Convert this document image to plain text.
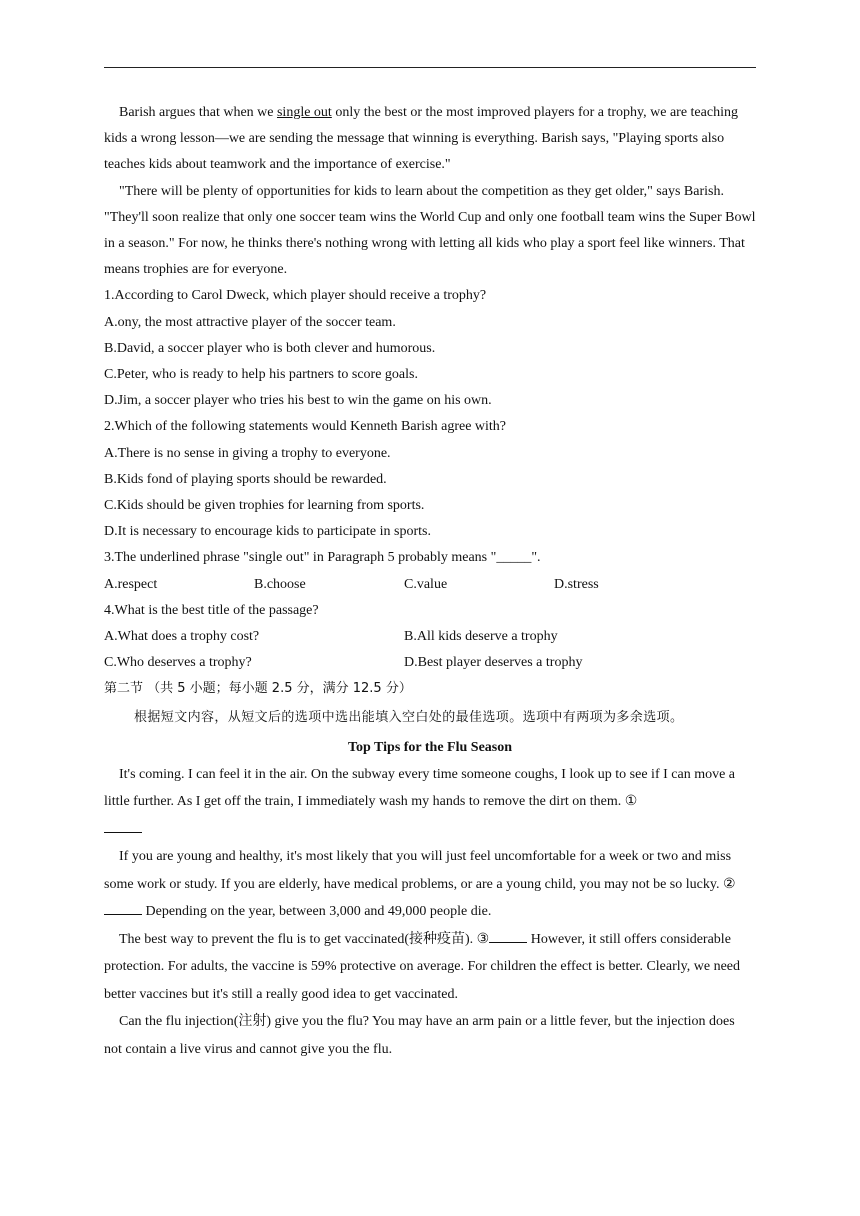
Barish argues that when we single out only the best or the most improved players for a trophy, we are teaching kids a wrong lesson—we are sending the message that winning is everything. Barish says, "Playing sports also teaches kids about teamwork and the importance of exercise."

"There will be plenty of opportunities for kids to learn about the competition as they get older," says Barish. "They'll soon realize that only one soccer team wins the World Cup and only one football team wins the Super Bowl in a season." For now, he thinks there's nothing wrong with letting all kids who play a sport feel like winners. That means trophies are for everyone.

1.According to Carol Dweck, which player should receive a trophy?

A.ony, the most attractive player of the soccer team.

B.David, a soccer player who is both clever and humorous.

C.Peter, who is ready to help his partners to score goals.

D.Jim, a soccer player who tries his best to win the game on his own.

2.Which of the following statements would Kenneth Barish agree with?

A.There is no sense in giving a trophy to everyone.

B.Kids fond of playing sports should be rewarded.

C.Kids should be given trophies for learning from sports.

D.It is necessary to encourage kids to participate in sports.

3.The underlined phrase "single out" in Paragraph 5 probably means "_____".

A.respect	B.choose	C.value	D.stress

4.What is the best title of the passage?

A.What does a trophy cost?	B.All kids deserve a trophy
C.Who deserves a trophy?	D.Best player deserves a trophy

第二节 （共 5 小题；每小题 2.5 分，满分 12.5 分）

根据短文内容，从短文后的选项中选出能填入空白处的最佳选项。选项中有两项为多余选项。

Top Tips for the Flu Season

It's coming. I can feel it in the air. On the subway every time someone coughs, I look up to see if I can move a little further. As I get off the train, I immediately wash my hands to remove the dirt on them. ①

If you are young and healthy, it's most likely that you will just feel uncomfortable for a week or two and miss some work or study. If you are elderly, have medical problems, or are a young child, you may not be so lucky. ② Depending on the year, between 3,000 and 49,000 people die.

The best way to prevent the flu is to get vaccinated(接种疫苗). ③	However, it still offers considerable protection. For adults, the vaccine is 59% protective on average. For children the effect is better. Clearly, we need better vaccines but it's still a really good idea to get vaccinated.

Can the flu injection(注射) give you the flu? You may have an arm pain or a little fever, but the injection does not contain a live virus and cannot give you the flu.
